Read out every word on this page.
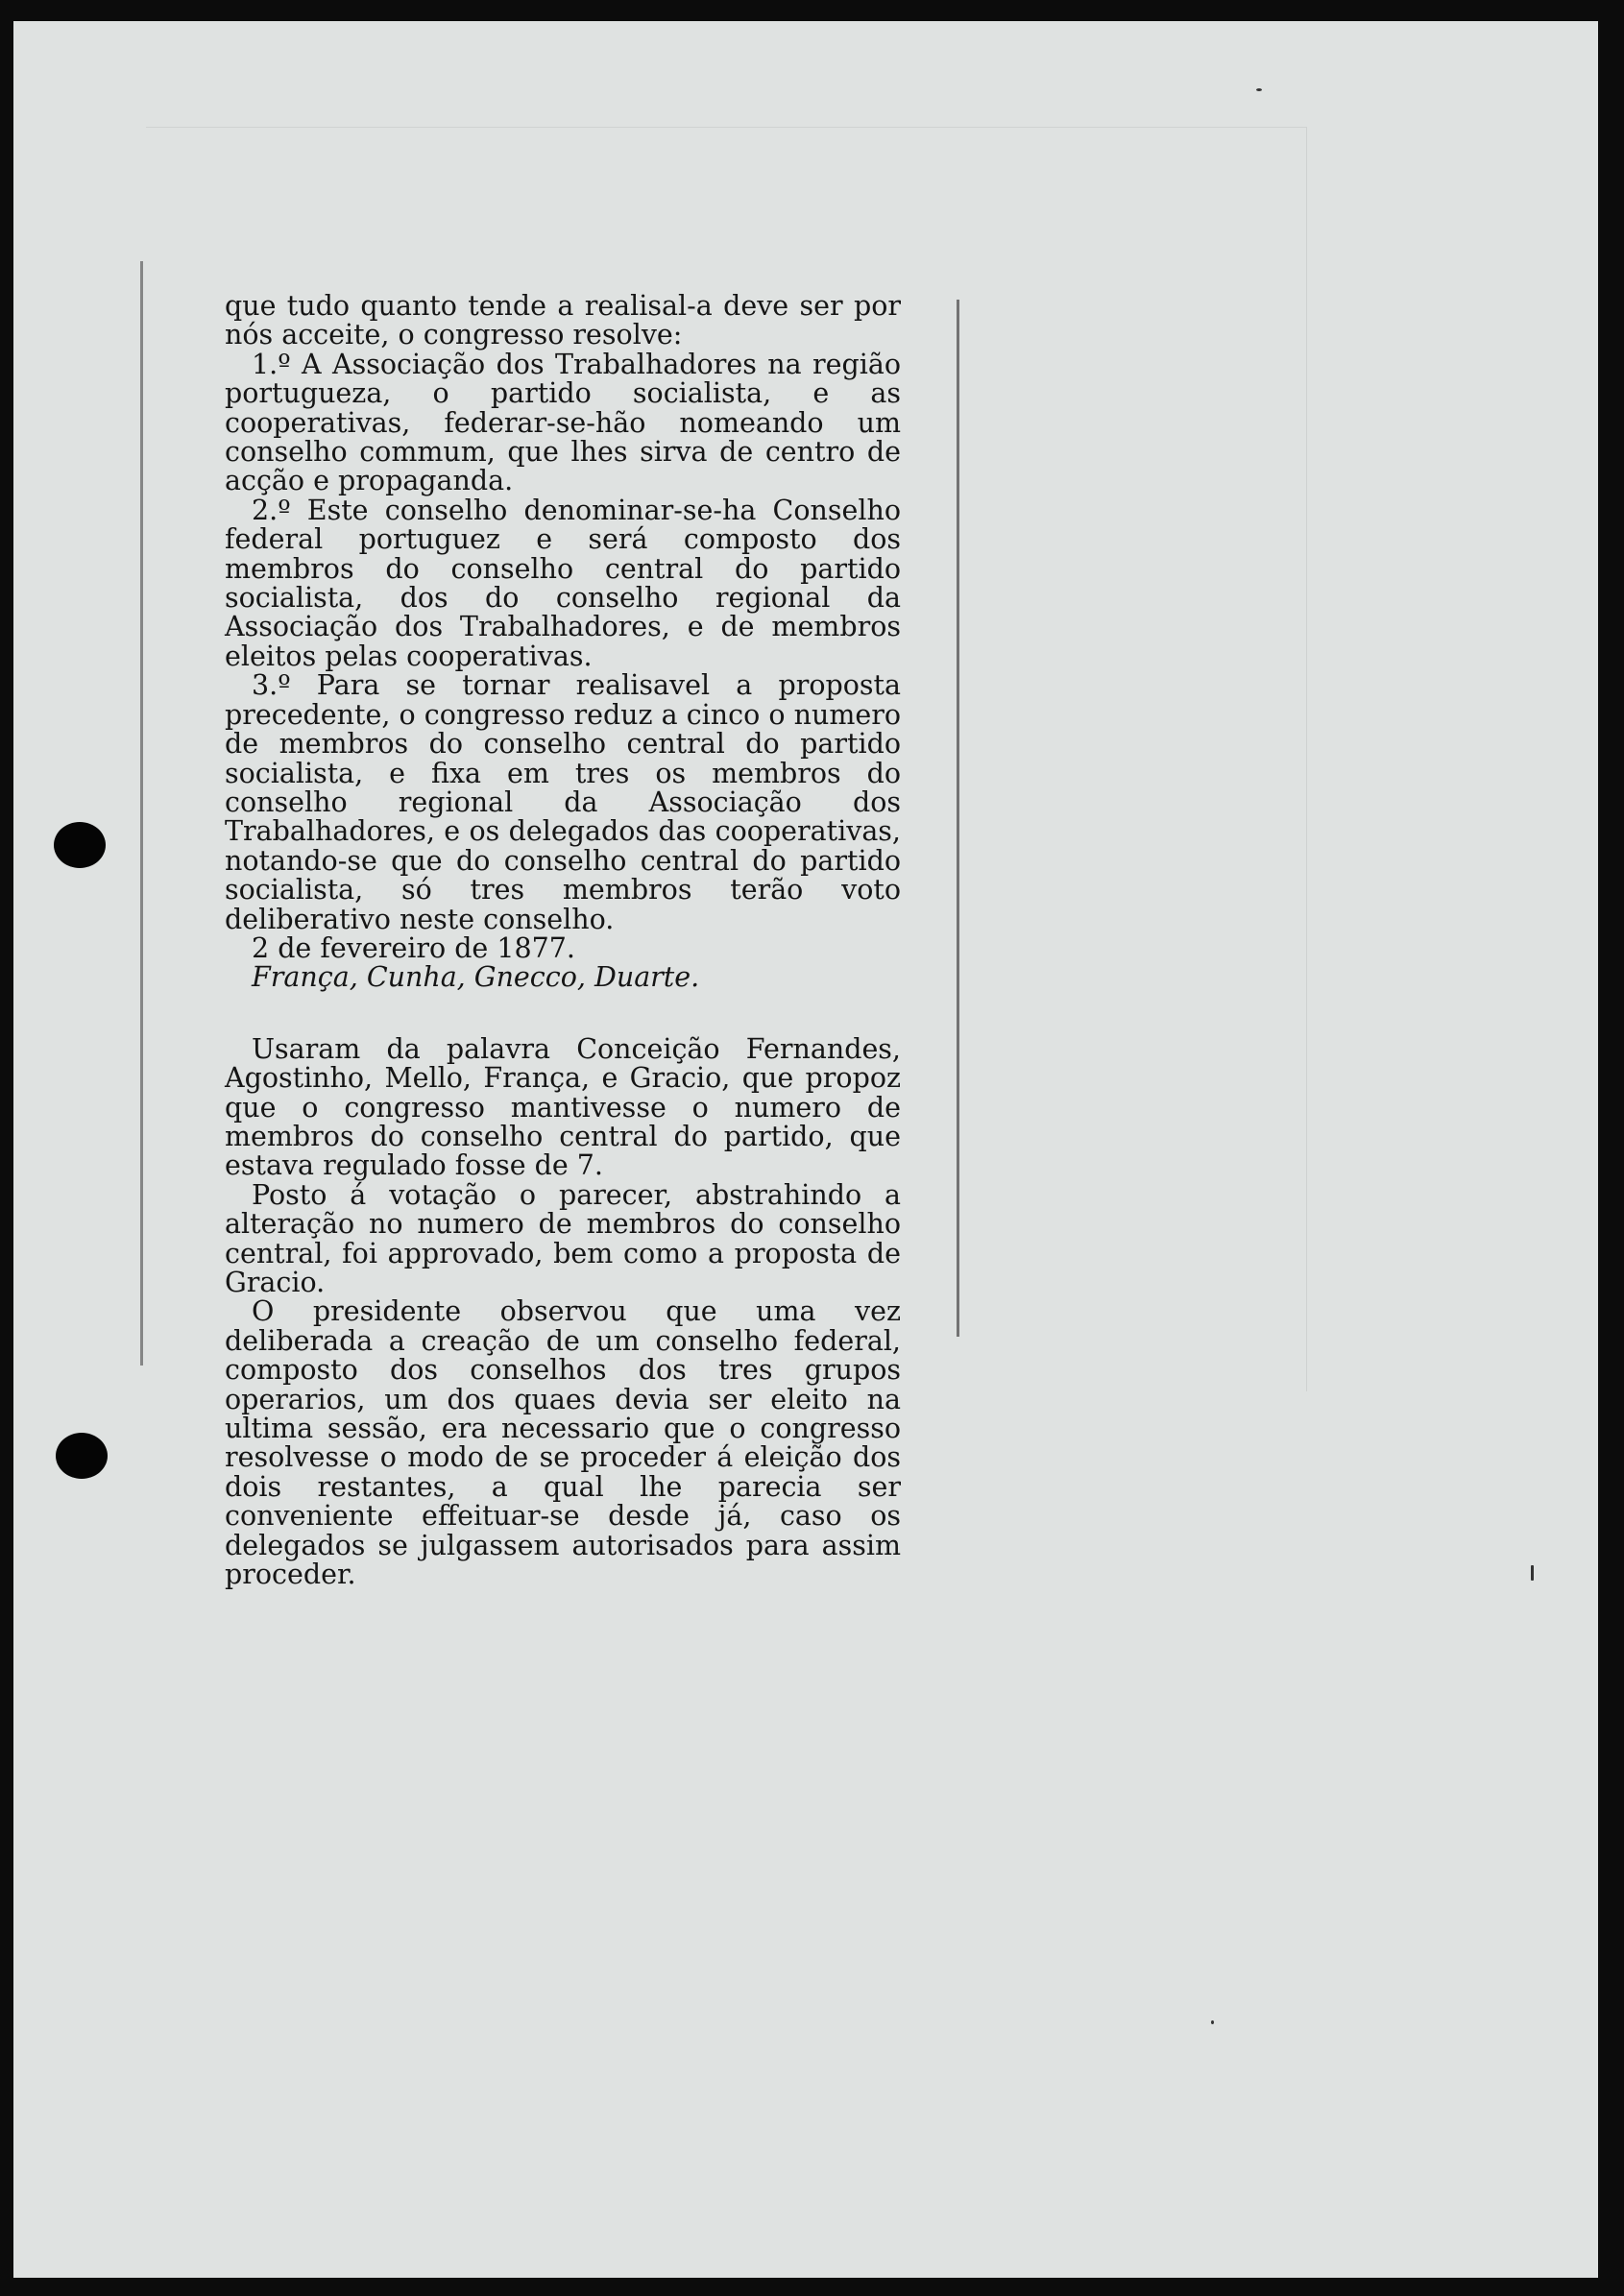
que tudo quanto tende a realisal-a deve ser por nós acceite, o congresso resolve:

1.º A Associação dos Trabalhadores na região portugueza, o partido socialista, e as cooperativas, federar-se-hão nomeando um conselho commum, que lhes sirva de centro de acção e propaganda.

2.º Este conselho denominar-se-ha Conselho federal portuguez e será composto dos membros do conselho central do partido socialista, dos do conselho regional da Associação dos Trabalhadores, e de membros eleitos pelas cooperativas.

3.º Para se tornar realisavel a proposta precedente, o congresso reduz a cinco o numero de membros do conselho central do partido socialista, e fixa em tres os membros do conselho regional da Associação dos Trabalhadores, e os delegados das cooperativas, notando-se que do conselho central do partido socialista, só tres membros terão voto deliberativo neste conselho.

2 de fevereiro de 1877.

França, Cunha, Gnecco, Duarte.

Usaram da palavra Conceição Fernandes, Agostinho, Mello, França, e Gracio, que propoz que o congresso mantivesse o numero de membros do conselho central do partido, que estava regulado fosse de 7.

Posto á votação o parecer, abstrahindo a alteração no numero de membros do conselho central, foi approvado, bem como a proposta de Gracio.

O presidente observou que uma vez deliberada a creação de um conselho federal, composto dos conselhos dos tres grupos operarios, um dos quaes devia ser eleito na ultima sessão, era necessario que o congresso resolvesse o modo de se proceder á eleição dos dois restantes, a qual lhe parecia ser conveniente effeituar-se desde já, caso os delegados se julgassem autorisados para assim proceder.
